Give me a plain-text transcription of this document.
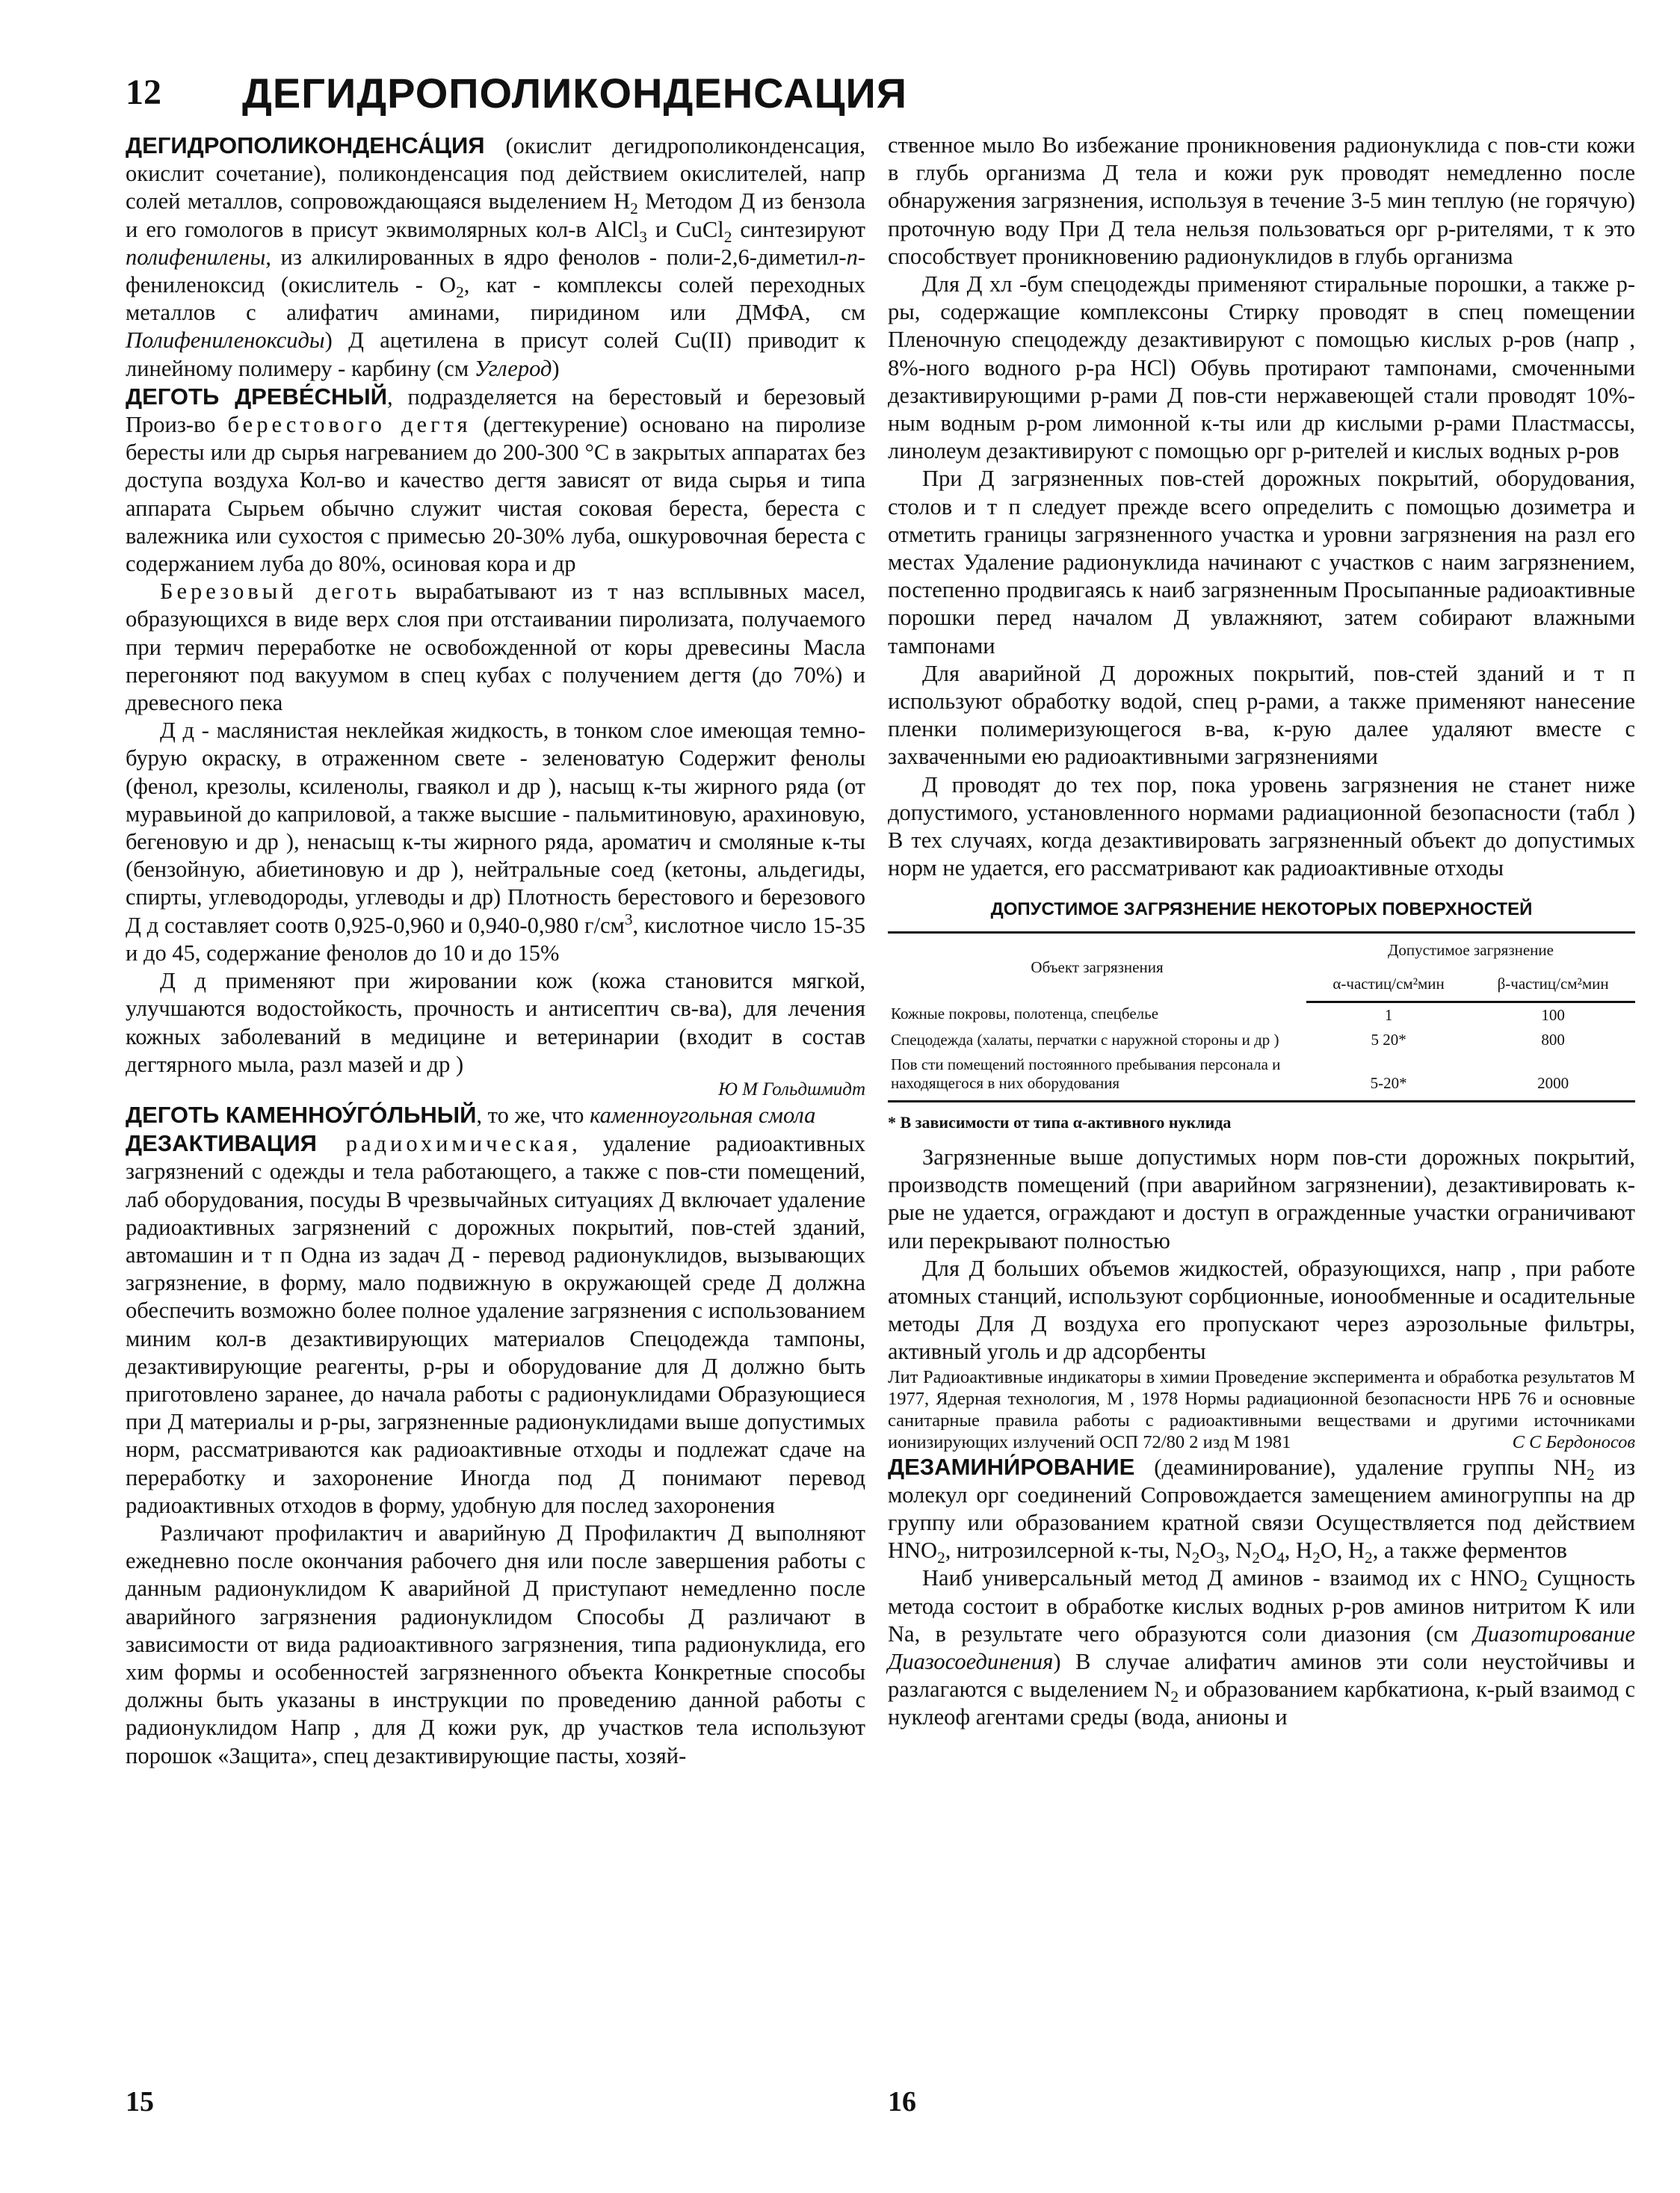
12 ДЕГИДРОПОЛИКОНДЕНСАЦИЯ

ДЕГИДРОПОЛИКОНДЕНСА́ЦИЯ (окислит дегидрополиконденсация, окислит сочетание), поликонденсация под действием окислителей, напр солей металлов, сопровождающаяся выделением $H_2$ Методом Д из бензола и его гомологов в присут эквимолярных кол-в AlCl$_3$ и CuCl$_2$ синтезируют полифенилены, из алкилированных в ядро фенолов - поли-2,6-диметил-n-фениленоксид (окислитель - $O_2$, кат - комплексы солей переходных металлов с алифатич аминами, пиридином или ДМФА, см Полифениленоксиды) Д ацетилена в присут солей Cu(II) приводит к линейному полимеру - карбину (см Углерод)

ДЕГОТЬ ДРЕВЕ́СНЫЙ, подразделяется на берестовый и березовый Произ-во берестового дегтя (дегтекурение) основано на пиролизе бересты или др сырья нагреванием до 200-300 °С в закрытых аппаратах без доступа воздуха Кол-во и качество дегтя зависят от вида сырья и типа аппарата Сырьем обычно служит чистая соковая береста, береста с валежника или сухостоя с примесью 20-30% луба, ошкуровочная береста с содержанием луба до 80%, осиновая кора и др

Березовый деготь вырабатывают из т наз всплывных масел, образующихся в виде верх слоя при отстаивании пиролизата, получаемого при термич переработке не освобожденной от коры древесины Масла перегоняют под вакуумом в спец кубах с получением дегтя (до 70%) и древесного пека

Д д - маслянистая неклейкая жидкость, в тонком слое имеющая темно-бурую окраску, в отраженном свете - зеленоватую Содержит фенолы (фенол, крезолы, ксиленолы, гваякол и др ), насыщ к-ты жирного ряда (от муравьиной до каприловой, а также высшие - пальмитиновую, арахиновую, бегеновую и др ), ненасыщ к-ты жирного ряда, ароматич и смоляные к-ты (бензойную, абиетиновую и др ), нейтральные соед (кетоны, альдегиды, спирты, углеводороды, углеводы и др) Плотность берестового и березового Д д составляет соотв 0,925-0,960 и 0,940-0,980 $г/см^3$, кислотное число 15-35 и до 45, содержание фенолов до 10 и до 15%

Д д применяют при жировании кож (кожа становится мягкой, улучшаются водостойкость, прочность и антисептич св-ва), для лечения кожных заболеваний в медицине и ветеринарии (входит в состав дегтярного мыла, разл мазей и др )

Ю М Гольдшмидт

ДЕГОТЬ КАМЕННОУ́ГО́ЛЬНЫЙ, то же, что каменноугольная смола

ДЕЗАКТИВАЦИЯ радиохимическая, удаление радиоактивных загрязнений с одежды и тела работающего, а также с пов-сти помещений, лаб оборудования, посуды В чрезвычайных ситуациях Д включает удаление радиоактивных загрязнений с дорожных покрытий, пов-стей зданий, автомашин и т п Одна из задач Д - перевод радионуклидов, вызывающих загрязнение, в форму, мало подвижную в окружающей среде Д должна обеспечить возможно более полное удаление загрязнения с использованием миним кол-в дезактивирующих материалов Спецодежда тампоны, дезактивирующие реагенты, р-ры и оборудование для Д должно быть приготовлено заранее, до начала работы с радионуклидами Образующиеся при Д материалы и р-ры, загрязненные радионуклидами выше допустимых норм, рассматриваются как радиоактивные отходы и подлежат сдаче на переработку и захоронение Иногда под Д понимают перевод радиоактивных отходов в форму, удобную для послед захоронения

Различают профилактич и аварийную Д Профилактич Д выполняют ежедневно после окончания рабочего дня или после завершения работы с данным радионуклидом К аварийной Д приступают немедленно после аварийного загрязнения радионуклидом Способы Д различают в зависимости от вида радиоактивного загрязнения, типа радионуклида, его хим формы и особенностей загрязненного объекта Конкретные способы должны быть указаны в инструкции по проведению данной работы с радионуклидом Напр , для Д кожи рук, др участков тела используют порошок «Защита», спец дезактивирующие пасты, хозяй-

ственное мыло Во избежание проникновения радионуклида с пов-сти кожи в глубь организма Д тела и кожи рук проводят немедленно после обнаружения загрязнения, используя в течение 3-5 мин теплую (не горячую) проточную воду При Д тела нельзя пользоваться орг р-рителями, т к это способствует проникновению радионуклидов в глубь организма

Для Д хл -бум спецодежды применяют стиральные порошки, а также р-ры, содержащие комплексоны Стирку проводят в спец помещении Пленочную спецодежду дезактивируют с помощью кислых р-ров (напр , 8%-ного водного р-ра HCl) Обувь протирают тампонами, смоченными дезактивирующими р-рами Д пов-сти нержавеющей стали проводят 10%-ным водным р-ром лимонной к-ты или др кислыми р-рами Пластмассы, линолеум дезактивируют с помощью орг р-рителей и кислых водных р-ров

При Д загрязненных пов-стей дорожных покрытий, оборудования, столов и т п следует прежде всего определить с помощью дозиметра и отметить границы загрязненного участка и уровни загрязнения на разл его местах Удаление радионуклида начинают с участков с наим загрязнением, постепенно продвигаясь к наиб загрязненным Просыпанные радиоактивные порошки перед началом Д увлажняют, затем собирают влажными тампонами

Для аварийной Д дорожных покрытий, пов-стей зданий и т п используют обработку водой, спец р-рами, а также применяют нанесение пленки полимеризующегося в-ва, к-рую далее удаляют вместе с захваченными ею радиоактивными загрязнениями

Д проводят до тех пор, пока уровень загрязнения не станет ниже допустимого, установленного нормами радиационной безопасности (табл ) В тех случаях, когда дезактивировать загрязненный объект до допустимых норм не удается, его рассматривают как радиоактивные отходы

ДОПУСТИМОЕ ЗАГРЯЗНЕНИЕ НЕКОТОРЫХ ПОВЕРХНОСТЕЙ
Объект загрязнения	Допустимое загрязнение	
	α-частиц/см²мин	β-частиц/см²мин
Кожные покровы, полотенца, спецбелье	1	100
Спецодежда (халаты, перчатки с наружной стороны и др )	5 20*	800
Пов сти помещений постоянного пребывания персонала и находящегося в них оборудования	5-20*	2000
* В зависимости от типа α-активного нуклида

Загрязненные выше допустимых норм пов-сти дорожных покрытий, производств помещений (при аварийном загрязнении), дезактивировать к-рые не удается, ограждают и доступ в огражденные участки ограничивают или перекрывают полностью

Для Д больших объемов жидкостей, образующихся, напр , при работе атомных станций, используют сорбционные, ионообменные и осадительные методы Для Д воздуха его пропускают через аэрозольные фильтры, активный уголь и др адсорбенты

Лит Радиоактивные индикаторы в химии Проведение эксперимента и обработка результатов М 1977, Ядерная технология, М , 1978 Нормы радиационной безопасности НРБ 76 и основные санитарные правила работы с радиоактивными веществами и другими источниками ионизирующих излучений ОСП 72/80 2 изд М 1981	С С Бердоносов

ДЕЗАМИНИ́РОВАНИЕ (деаминирование), удаление группы $NH_2$ из молекул орг соединений Сопровождается замещением аминогруппы на др группу или образованием кратной связи Осуществляется под действием $HNO_2$, нитрозилсерной к-ты, $N_2O_3$, $N_2O_4$, $H_2O$, $H_2$, а также ферментов

Наиб универсальный метод Д аминов - взаимод их с $HNO_2$ Сущность метода состоит в обработке кислых водных р-ров аминов нитритом K или Na, в результате чего образуются соли диазония (см Диазотирование Диазосоединения) В случае алифатич аминов эти соли неустойчивы и разлагаются с выделением $N_2$ и образованием карбкатиона, к-рый взаимод с нуклеоф агентами среды (вода, анионы и

15	16
